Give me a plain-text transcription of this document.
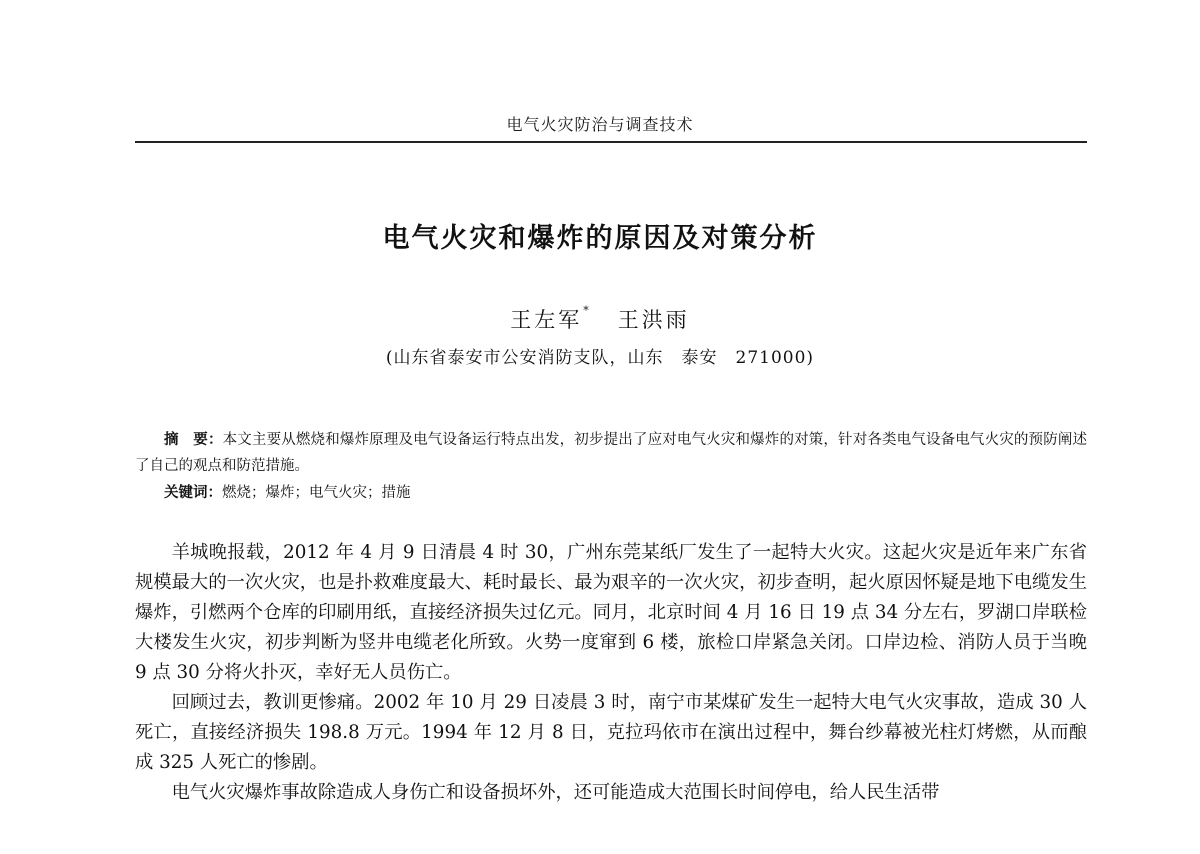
电气火灾防治与调查技术
电气火灾和爆炸的原因及对策分析
王左军* 王洪雨
(山东省泰安市公安消防支队，山东　泰安　271000)
摘　要：本文主要从燃烧和爆炸原理及电气设备运行特点出发，初步提出了应对电气火灾和爆炸的对策，针对各类电气设备电气火灾的预防阐述了自己的观点和防范措施。
关键词：燃烧；爆炸；电气火灾；措施

羊城晚报载，2012 年 4 月 9 日清晨 4 时 30，广州东莞某纸厂发生了一起特大火灾。这起火灾是近年来广东省规模最大的一次火灾，也是扑救难度最大、耗时最长、最为艰辛的一次火灾，初步查明，起火原因怀疑是地下电缆发生爆炸，引燃两个仓库的印刷用纸，直接经济损失过亿元。同月，北京时间 4 月 16 日 19 点 34 分左右，罗湖口岸联检大楼发生火灾，初步判断为竖井电缆老化所致。火势一度窜到 6 楼，旅检口岸紧急关闭。口岸边检、消防人员于当晚 9 点 30 分将火扑灭，幸好无人员伤亡。

回顾过去，教训更惨痛。2002 年 10 月 29 日凌晨 3 时，南宁市某煤矿发生一起特大电气火灾事故，造成 30 人死亡，直接经济损失 198.8 万元。1994 年 12 月 8 日，克拉玛依市在演出过程中，舞台纱幕被光柱灯烤燃，从而酿成 325 人死亡的惨剧。

电气火灾爆炸事故除造成人身伤亡和设备损坏外，还可能造成大范围长时间停电，给人民生活带
